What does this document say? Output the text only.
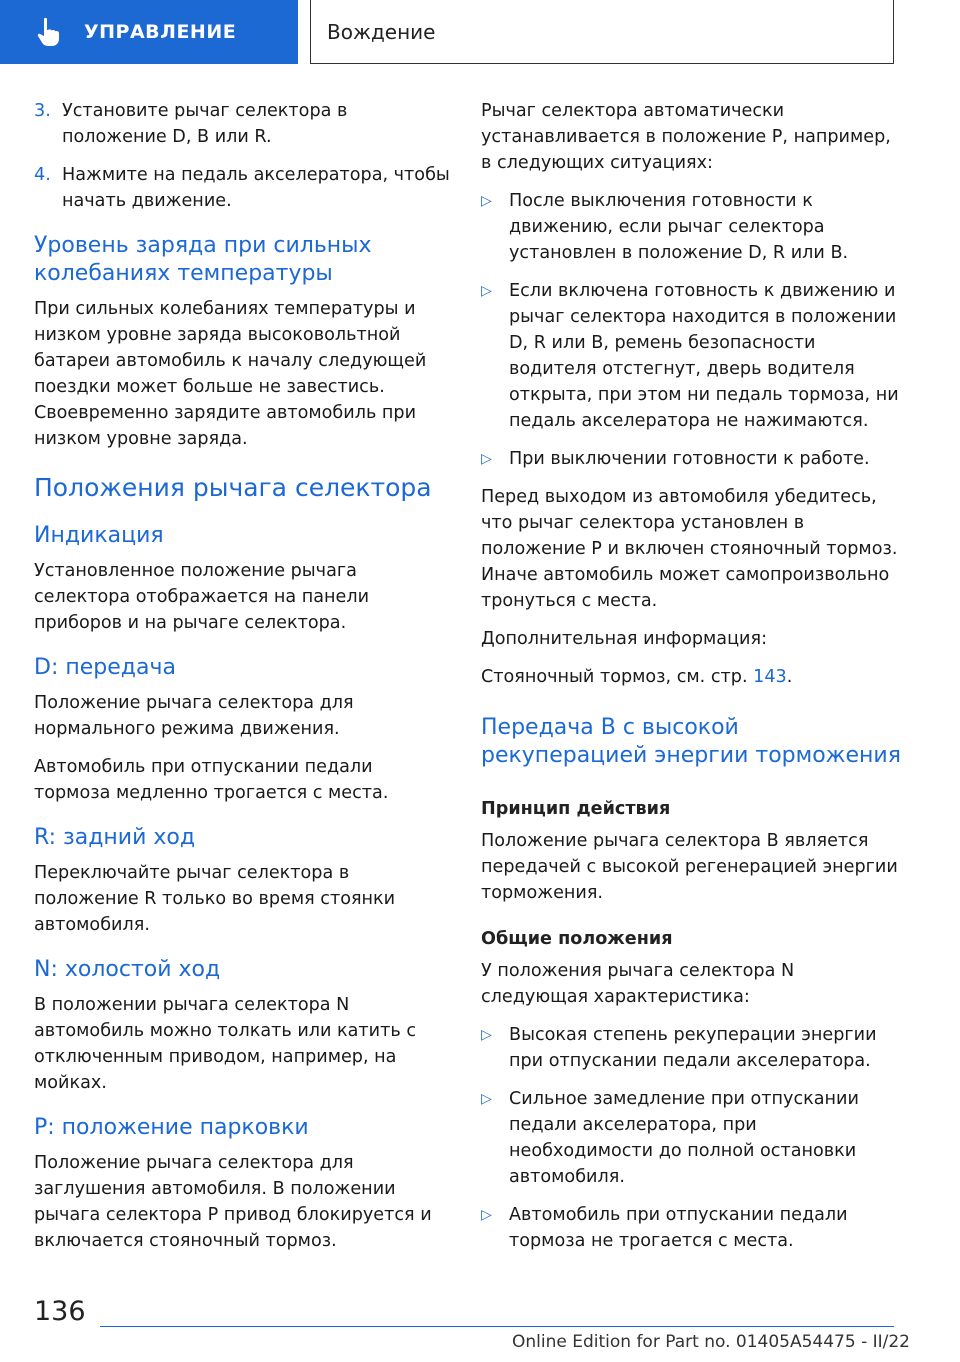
УПРАВЛЕНИЕ	Вождение
3. Установите рычаг селектора в положение D, B или R.
4. Нажмите на педаль акселератора, чтобы начать движение.
Уровень заряда при сильных колебаниях температуры

При сильных колебаниях температуры и низком уровне заряда высоковольтной батареи автомобиль к началу следующей поездки может больше не завестись. Своевременно зарядите автомобиль при низком уровне заряда.

Положения рычага селектора
Индикация

Установленное положение рычага селектора отображается на панели приборов и на рычаге селектора.

D: передача

Положение рычага селектора для нормального режима движения.

Автомобиль при отпускании педали тормоза медленно трогается с места.

R: задний ход

Переключайте рычаг селектора в положение R только во время стоянки автомобиля.

N: холостой ход

В положении рычага селектора N автомобиль можно толкать или катить с отключенным приводом, например, на мойках.

P: положение парковки

Положение рычага селектора для заглушения автомобиля. В положении рычага селектора P привод блокируется и включается стояночный тормоз.

Рычаг селектора автоматически устанавливается в положение P, например, в следующих ситуациях:

▷ После выключения готовности к движению, если рычаг селектора установлен в положение D, R или B.
▷ Если включена готовность к движению и рычаг селектора находится в положении D, R или B, ремень безопасности водителя отстегнут, дверь водителя открыта, при этом ни педаль тормоза, ни педаль акселератора не нажимаются.
▷ При выключении готовности к работе.

Перед выходом из автомобиля убедитесь, что рычаг селектора установлен в положение P и включен стояночный тормоз. Иначе автомобиль может самопроизвольно тронуться с места.

Дополнительная информация:

Стояночный тормоз, см. стр. 143.

Передача B с высокой рекуперацией энергии торможения
Принцип действия

Положение рычага селектора B является передачей с высокой регенерацией энергии торможения.

Общие положения

У положения рычага селектора N следующая характеристика:

▷ Высокая степень рекуперации энергии при отпускании педали акселератора.
▷ Сильное замедление при отпускании педали акселератора, при необходимости до полной остановки автомобиля.
▷ Автомобиль при отпускании педали тормоза не трогается с места.
136
Online Edition for Part no. 01405A54475 - II/22
